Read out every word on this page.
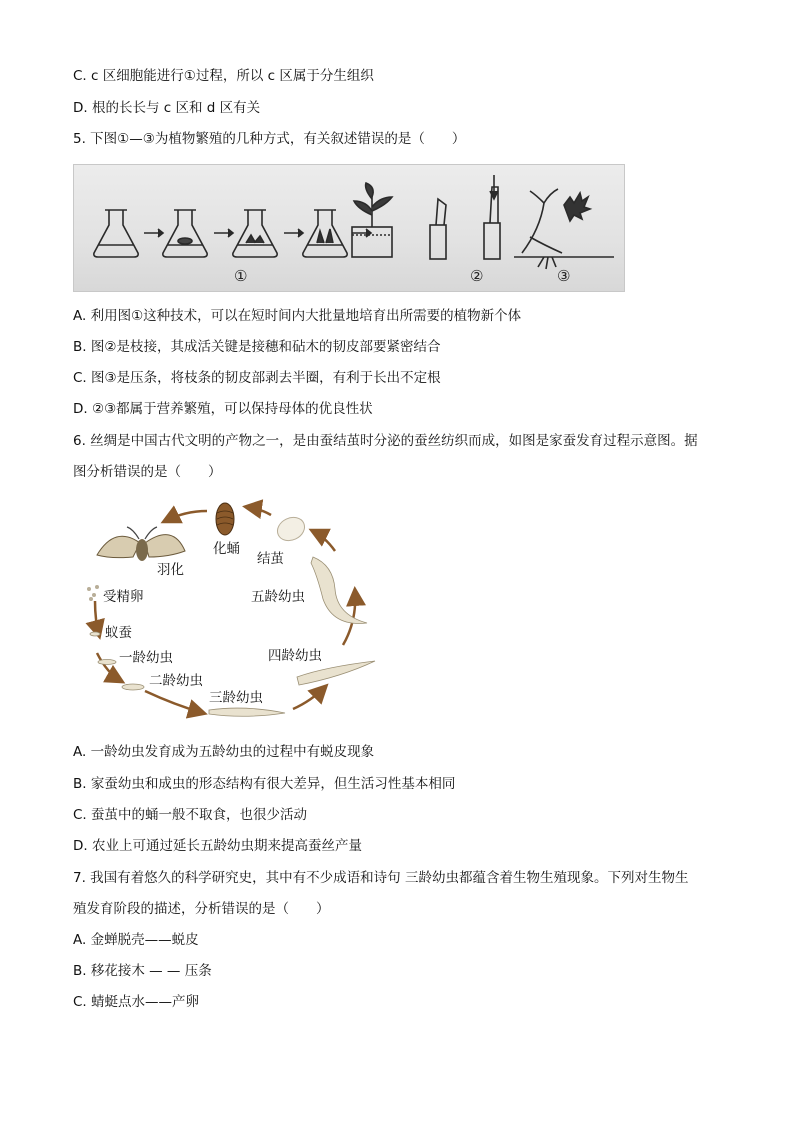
C. c 区细胞能进行①过程，所以 c 区属于分生组织
D. 根的长长与 c 区和 d 区有关
5. 下图①—③为植物繁殖的几种方式，有关叙述错误的是（　　）
①	②	③
A. 利用图①这种技术，可以在短时间内大批量地培育出所需要的植物新个体
B. 图②是枝接，其成活关键是接穗和砧木的韧皮部要紧密结合
C. 图③是压条，将枝条的韧皮部剥去半圈，有利于长出不定根
D. ②③都属于营养繁殖，可以保持母体的优良性状
6. 丝绸是中国古代文明的产物之一，是由蚕结茧时分泌的蚕丝纺织而成，如图是家蚕发育过程示意图。据
图分析错误的是（　　）
化蛹
结茧
羽化
受精卵	五龄幼虫
蚁蚕
四龄幼虫
一龄幼虫
二龄幼虫
三龄幼虫
A. 一龄幼虫发育成为五龄幼虫的过程中有蜕皮现象
B. 家蚕幼虫和成虫的形态结构有很大差异，但生活习性基本相同
C. 蚕茧中的蛹一般不取食，也很少活动
D. 农业上可通过延长五龄幼虫期来提高蚕丝产量
7. 我国有着悠久的科学研究史，其中有不少成语和诗句 三龄幼虫都蕴含着生物生殖现象。下列对生物生
殖发育阶段的描述，分析错误的是（　　）
A. 金蝉脱壳——蜕皮
B. 移花接木 — — 压条
C. 蜻蜓点水——产卵
